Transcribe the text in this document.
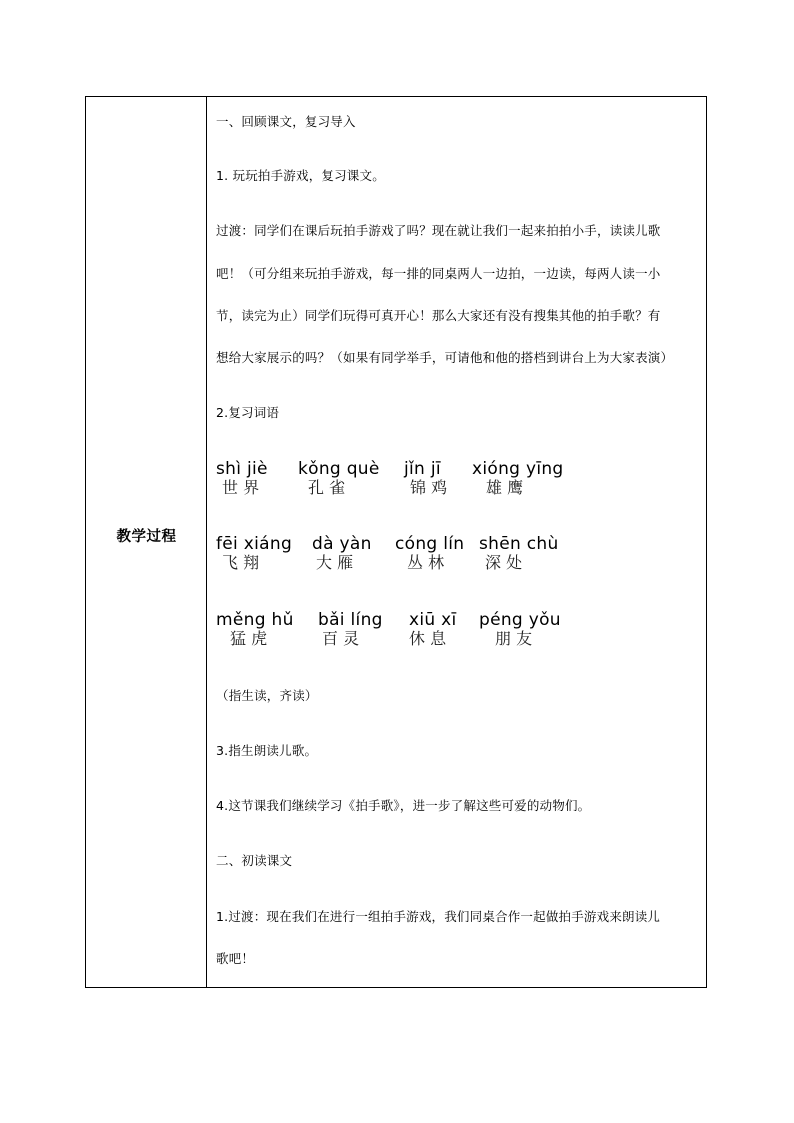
教学过程
一、回顾课文，复习导入
1. 玩玩拍手游戏，复习课文。
过渡：同学们在课后玩拍手游戏了吗？现在就让我们一起来拍拍小手，读读儿歌
吧！（可分组来玩拍手游戏，每一排的同桌两人一边拍，一边读，每两人读一小
节，读完为止）同学们玩得可真开心！那么大家还有没有搜集其他的拍手歌？有
想给大家展示的吗？（如果有同学举手，可请他和他的搭档到讲台上为大家表演）
2.复习词语
shì jiè
世 界
kǒng què
孔 雀
jǐn jī
锦 鸡
xióng yīng
雄 鹰
fēi xiáng
飞 翔
dà yàn
大 雁
cóng lín
丛 林
shēn chù
深 处
měng hǔ
猛 虎
bǎi líng
百 灵
xiū xī
休 息
péng yǒu
朋 友
（指生读，齐读）
3.指生朗读儿歌。
4.这节课我们继续学习《拍手歌》，进一步了解这些可爱的动物们。
二、初读课文
1.过渡：现在我们在进行一组拍手游戏，我们同桌合作一起做拍手游戏来朗读儿
歌吧！
